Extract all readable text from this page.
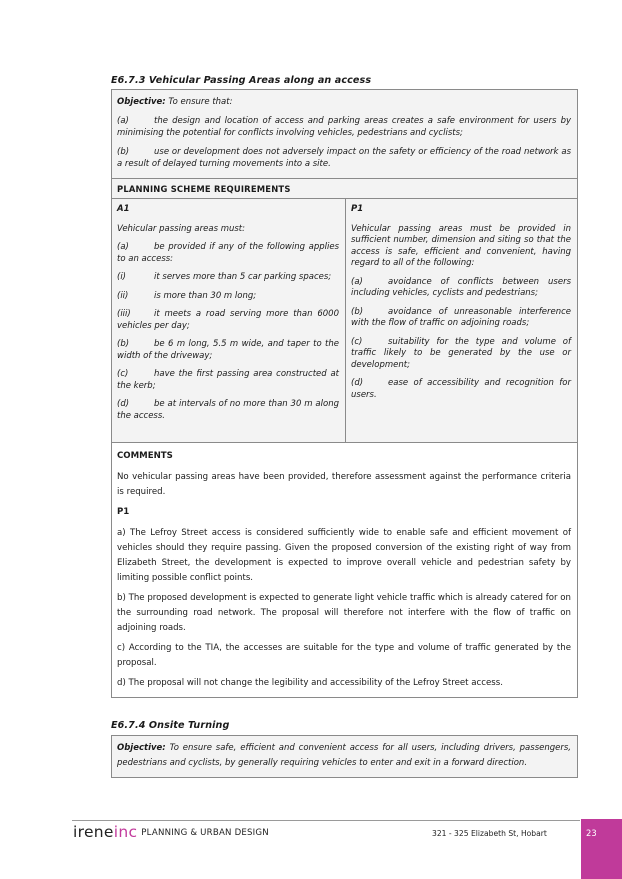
E6.7.3 Vehicular Passing Areas along an access

Objective: To ensure that:

(a)	the design and location of access and parking areas creates a safe environment for users by minimising the potential for conflicts involving vehicles, pedestrians and cyclists;

(b)	use or development does not adversely impact on the safety or efficiency of the road network as a result of delayed turning movements into a site.

PLANNING SCHEME REQUIREMENTS

A1

Vehicular passing areas must:

(a)	be provided if any of the following applies to an access:

(i)	it serves more than 5 car parking spaces;

(ii)	is more than 30 m long;

(iii)	it meets a road serving more than 6000 vehicles per day;

(b)	be 6 m long, 5.5 m wide, and taper to the width of the driveway;

(c)	have the first passing area constructed at the kerb;

(d)	be at intervals of no more than 30 m along the access.

P1

Vehicular passing areas must be provided in sufficient number, dimension and siting so that the access is safe, efficient and convenient, having regard to all of the following:

(a)	avoidance of conflicts between users including vehicles, cyclists and pedestrians;

(b)	avoidance of unreasonable interference with the flow of traffic on adjoining roads;

(c)	suitability for the type and volume of traffic likely to be generated by the use or development;

(d)	ease of accessibility and recognition for users.

COMMENTS

No vehicular passing areas have been provided, therefore assessment against the performance criteria is required.

P1

a) The Lefroy Street access is considered sufficiently wide to enable safe and efficient movement of vehicles should they require passing. Given the proposed conversion of the existing right of way from Elizabeth Street, the development is expected to improve overall vehicle and pedestrian safety by limiting possible conflict points.

b) The proposed development is expected to generate light vehicle traffic which is already catered for on the surrounding road network. The proposal will therefore not interfere with the flow of traffic on adjoining roads.

c) According to the TIA, the accesses are suitable for the type and volume of traffic generated by the proposal.

d) The proposal will not change the legibility and accessibility of the Lefroy Street access.

E6.7.4 Onsite Turning

Objective: To ensure safe, efficient and convenient access for all users, including drivers, passengers, pedestrians and cyclists, by generally requiring vehicles to enter and exit in a forward direction.

ireneinc PLANNING & URBAN DESIGN	321 - 325 Elizabeth St, Hobart	23
